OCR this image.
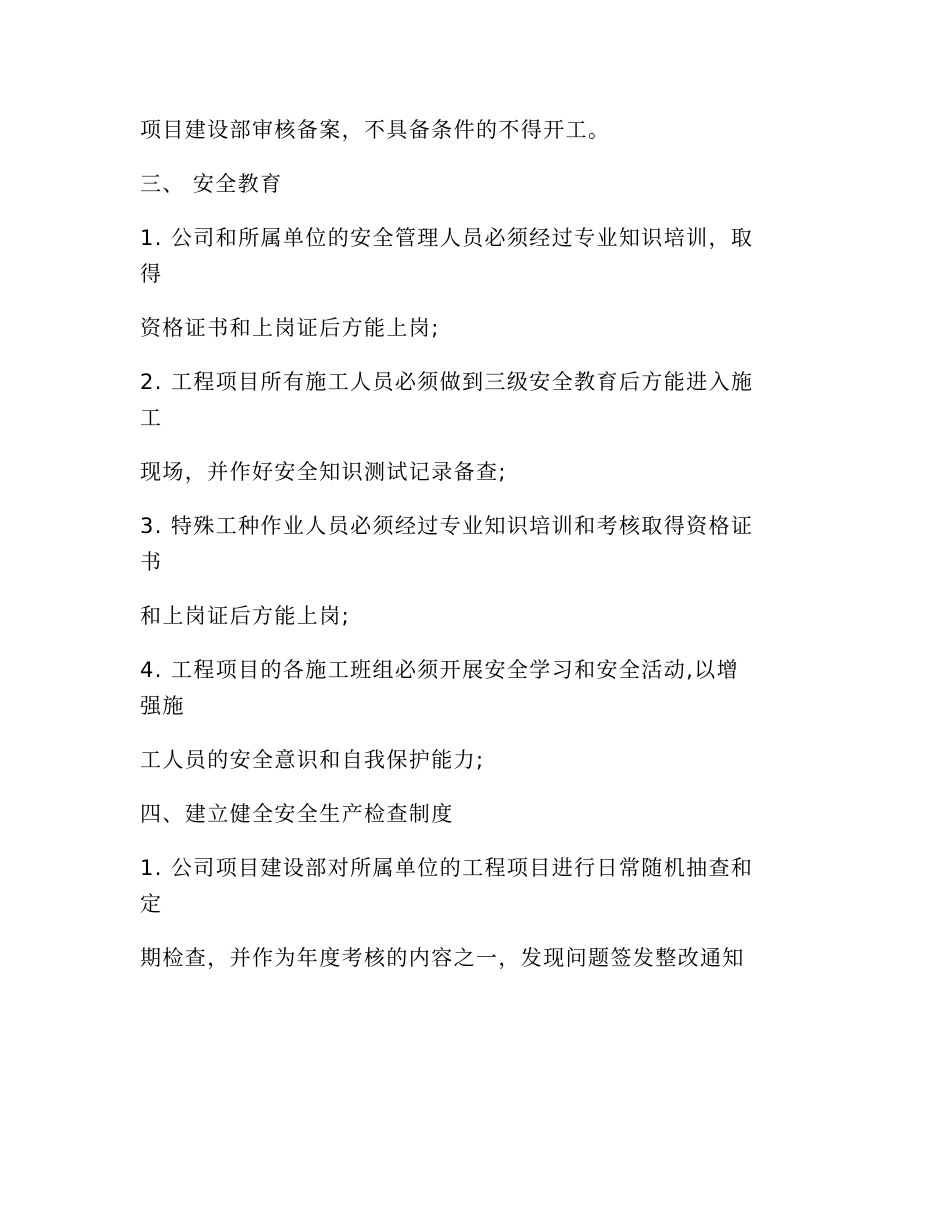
项目建设部审核备案，不具备条件的不得开工。
三、 安全教育
1. 公司和所属单位的安全管理人员必须经过专业知识培训，取
得
资格证书和上岗证后方能上岗;
2. 工程项目所有施工人员必须做到三级安全教育后方能进入施
工
现场，并作好安全知识测试记录备查;
3. 特殊工种作业人员必须经过专业知识培训和考核取得资格证
书
和上岗证后方能上岗;
4. 工程项目的各施工班组必须开展安全学习和安全活动,以增
强施
工人员的安全意识和自我保护能力;
四、建立健全安全生产检查制度
1. 公司项目建设部对所属单位的工程项目进行日常随机抽查和
定
期检查，并作为年度考核的内容之一，发现问题签发整改通知
